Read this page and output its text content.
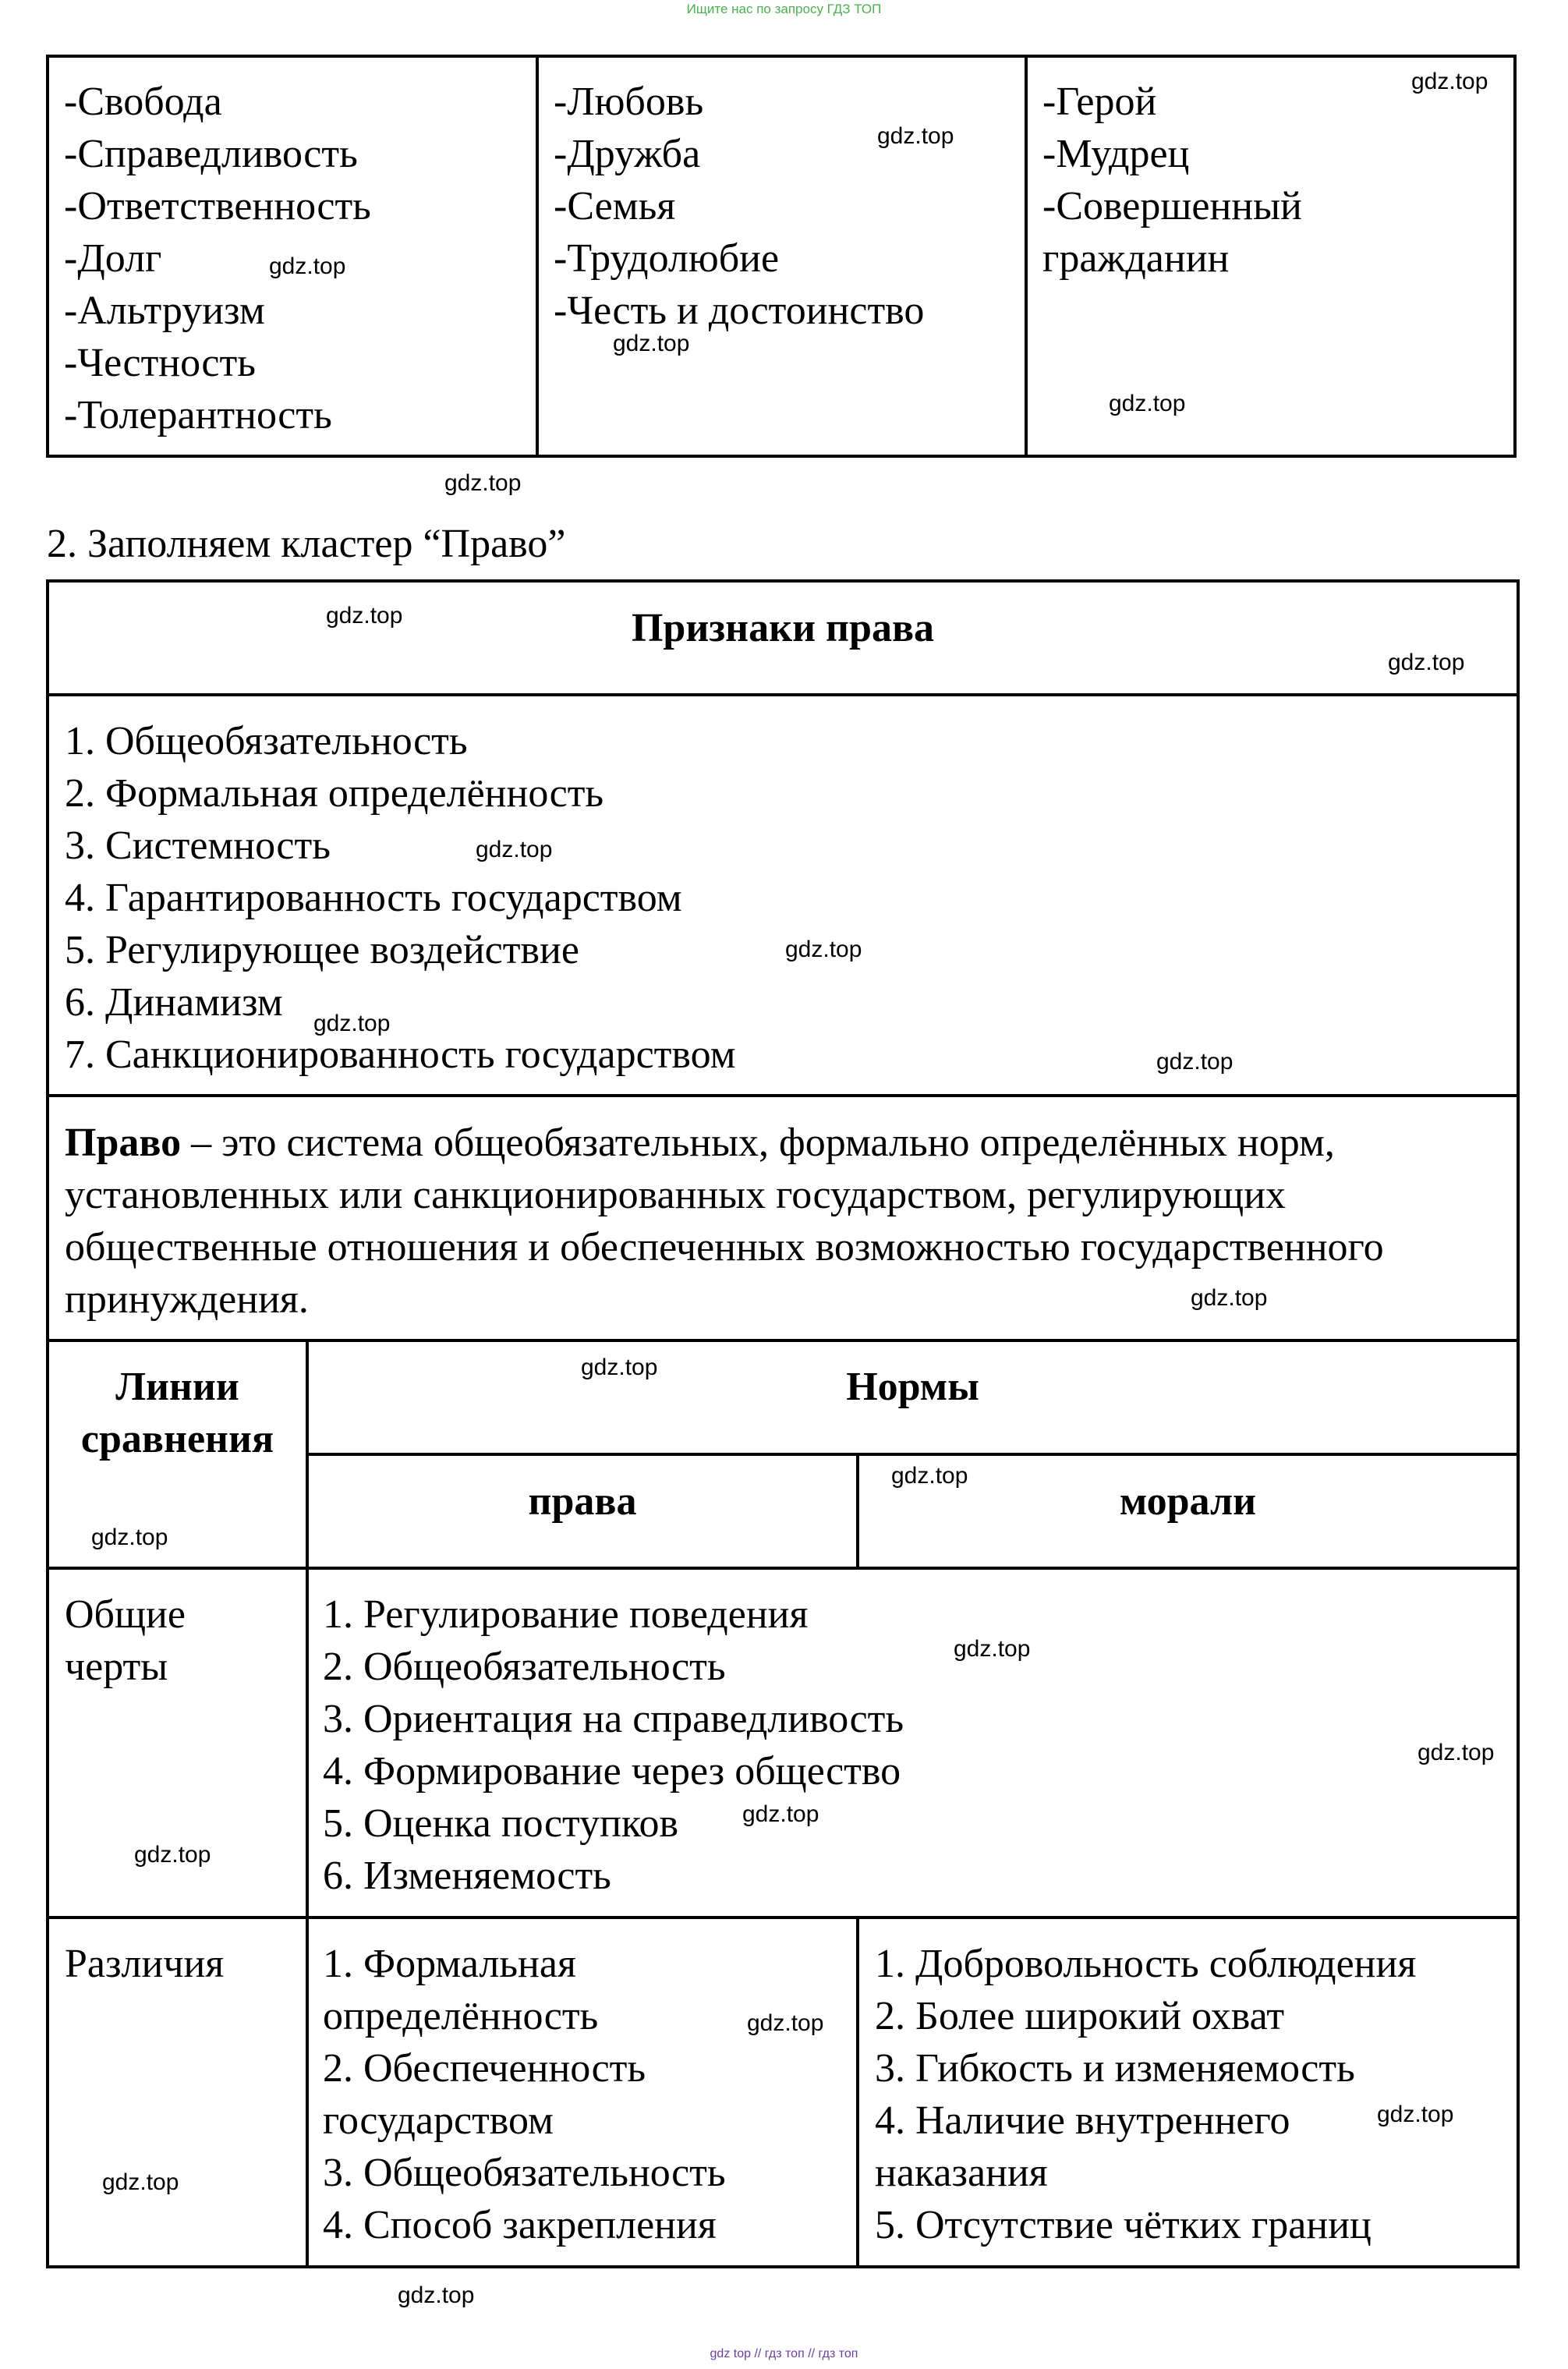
Ищите нас по запросу ГДЗ ТОП
gdz top // гдз топ // гдз топ
-Свобода
-Справедливость
-Ответственность
-Долг
-Альтруизм
-Честность
-Толерантность
-Любовь
-Дружба
-Семья
-Трудолюбие
-Честь и достоинство
-Герой
-Мудрец
-Совершенный
гражданин
2. Заполняем кластер “Право”
Признаки права
1. Общеобязательность
2. Формальная определённость
3. Системность
4. Гарантированность государством
5. Регулирующее воздействие
6. Динамизм
7. Санкционированность государством
Право – это система общеобязательных, формально определённых норм, установленных или санкционированных государством, регулирующих общественные отношения и обеспеченных возможностью государственного принуждения.
Линии
сравнения
Нормы
права	морали
Общие
черты
1. Регулирование поведения
2. Общеобязательность
3. Ориентация на справедливость
4. Формирование через общество
5. Оценка поступков
6. Изменяемость
Различия 1. Формальная
определённость
2. Обеспеченность
государством
3. Общеобязательность
4. Способ закрепления
1. Добровольность соблюдения
2. Более широкий охват
3. Гибкость и изменяемость
4. Наличие внутреннего
наказания
5. Отсутствие чётких границ
gdz.top
gdz.top
gdz.top
gdz.top
gdz.top
gdz.top
gdz.top
gdz.top
gdz.top
gdz.top
gdz.top
gdz.top
gdz.top
gdz.top
gdz.top
gdz.top
gdz.top
gdz.top
gdz.top
gdz.top
gdz.top
gdz.top
gdz.top
gdz.top
